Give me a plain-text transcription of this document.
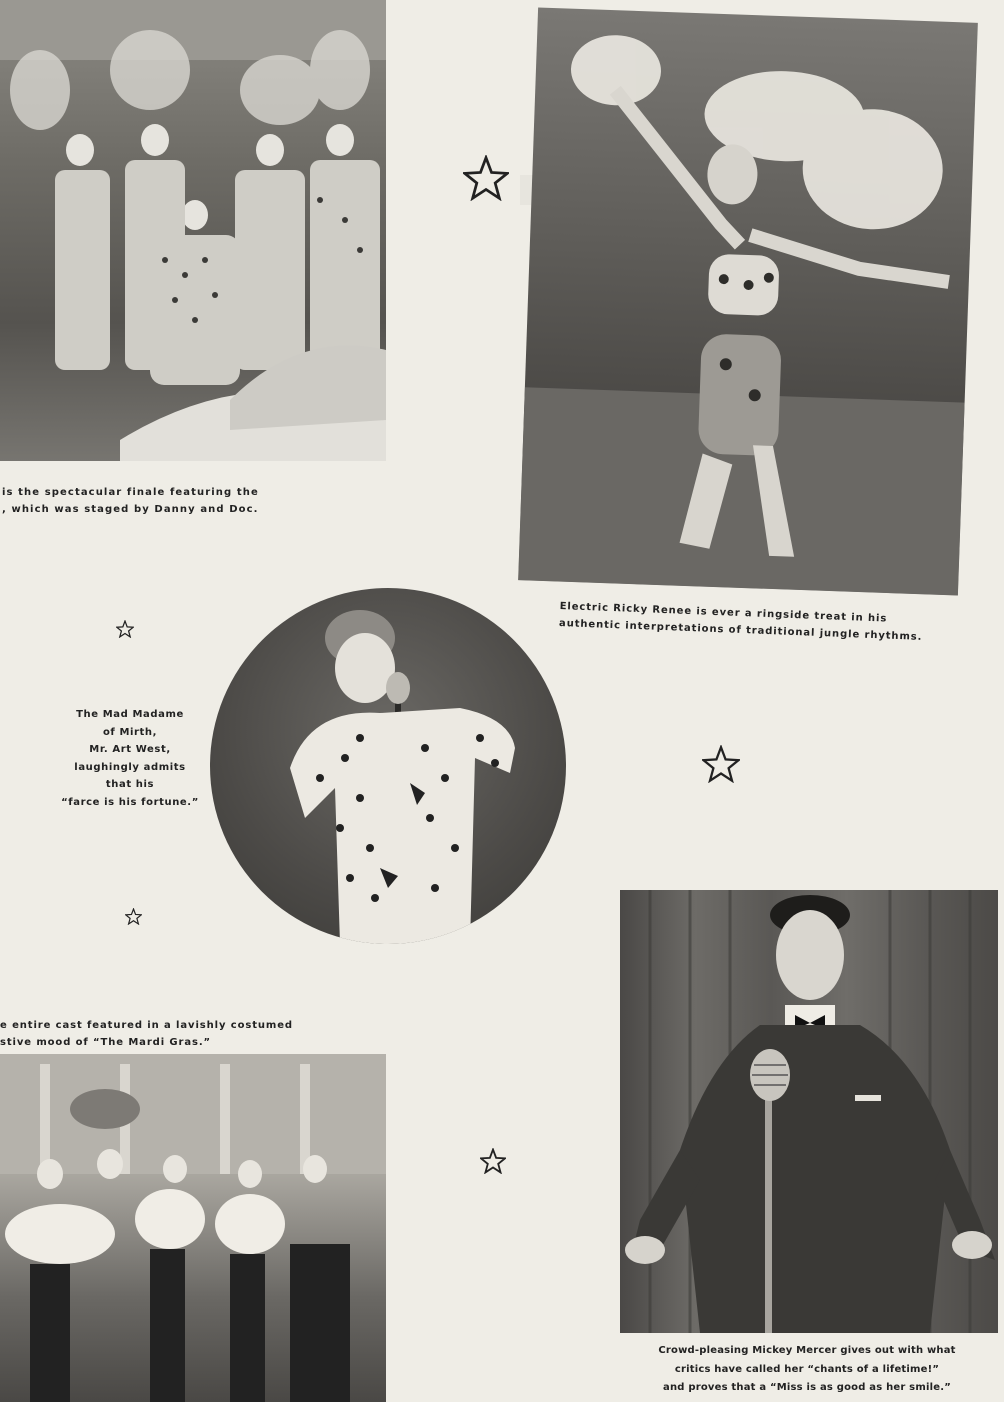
is the spectacular finale featuring the
, which was staged by Danny and Doc.
Electric Ricky Renee is ever a ringside treat in his
authentic interpretations of traditional jungle rhythms.
The Mad Madame
of Mirth,
Mr. Art West,
laughingly admits
that his
“farce is his fortune.”
e entire cast featured in a lavishly costumed
stive mood of “The Mardi Gras.”
Crowd-pleasing Mickey Mercer gives out with what
critics have called her “chants of a lifetime!”
and proves that a “Miss is as good as her smile.”
